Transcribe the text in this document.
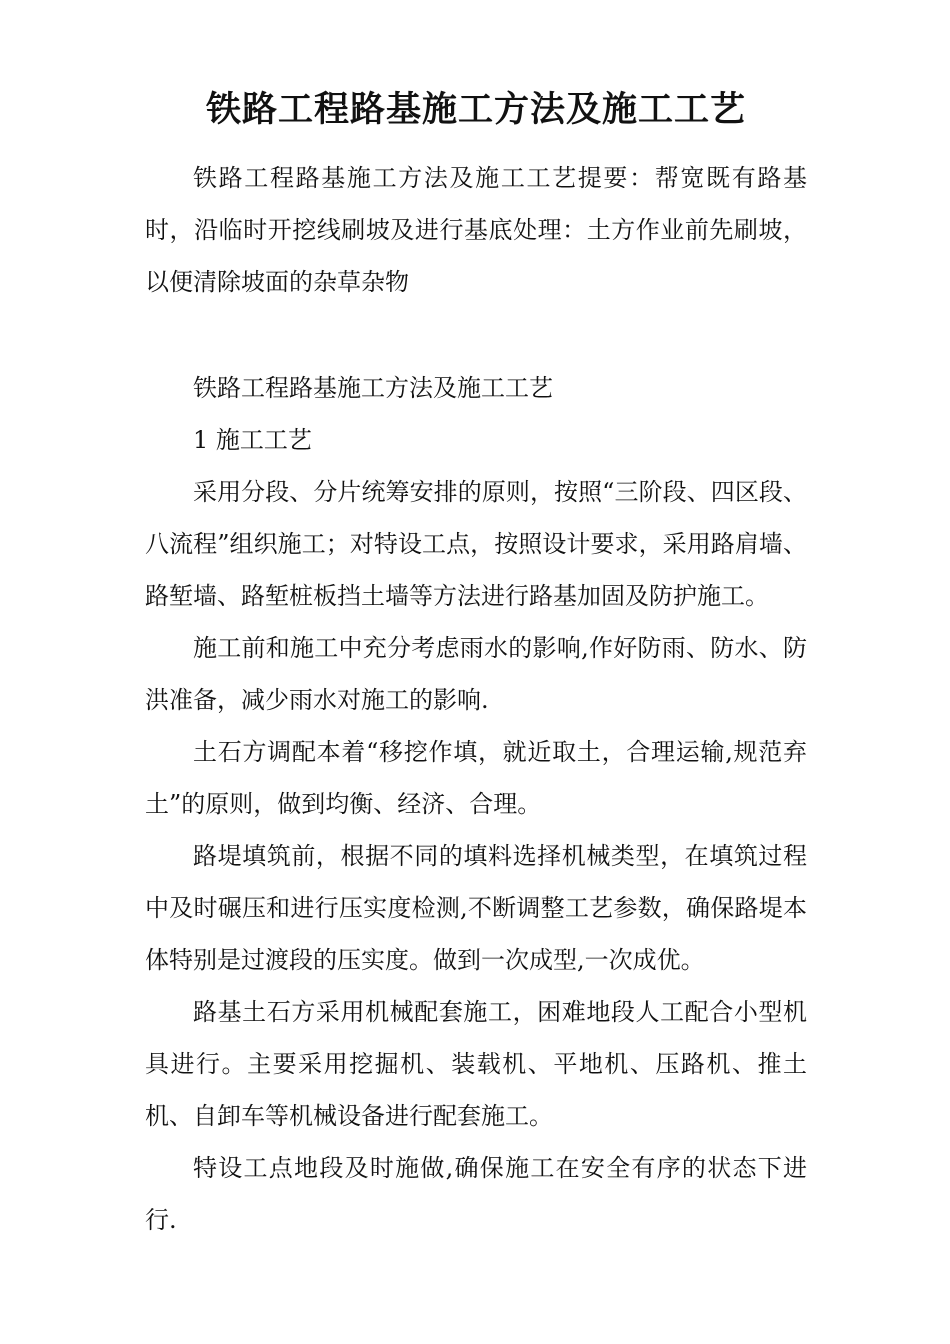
铁路工程路基施工方法及施工工艺

铁路工程路基施工方法及施工工艺提要：帮宽既有路基时，沿临时开挖线刷坡及进行基底处理：土方作业前先刷坡，以便清除坡面的杂草杂物

铁路工程路基施工方法及施工工艺

1 施工工艺

采用分段、分片统筹安排的原则，按照“三阶段、四区段、八流程”组织施工；对特设工点，按照设计要求，采用路肩墙、路堑墙、路堑桩板挡土墙等方法进行路基加固及防护施工。

施工前和施工中充分考虑雨水的影响,作好防雨、防水、防洪准备，减少雨水对施工的影响.

土石方调配本着“移挖作填，就近取土，合理运输,规范弃土”的原则，做到均衡、经济、合理。

路堤填筑前，根据不同的填料选择机械类型，在填筑过程中及时碾压和进行压实度检测,不断调整工艺参数，确保路堤本体特别是过渡段的压实度。做到一次成型,一次成优。

路基土石方采用机械配套施工，困难地段人工配合小型机具进行。主要采用挖掘机、装载机、平地机、压路机、推土机、自卸车等机械设备进行配套施工。

特设工点地段及时施做,确保施工在安全有序的状态下进行.
